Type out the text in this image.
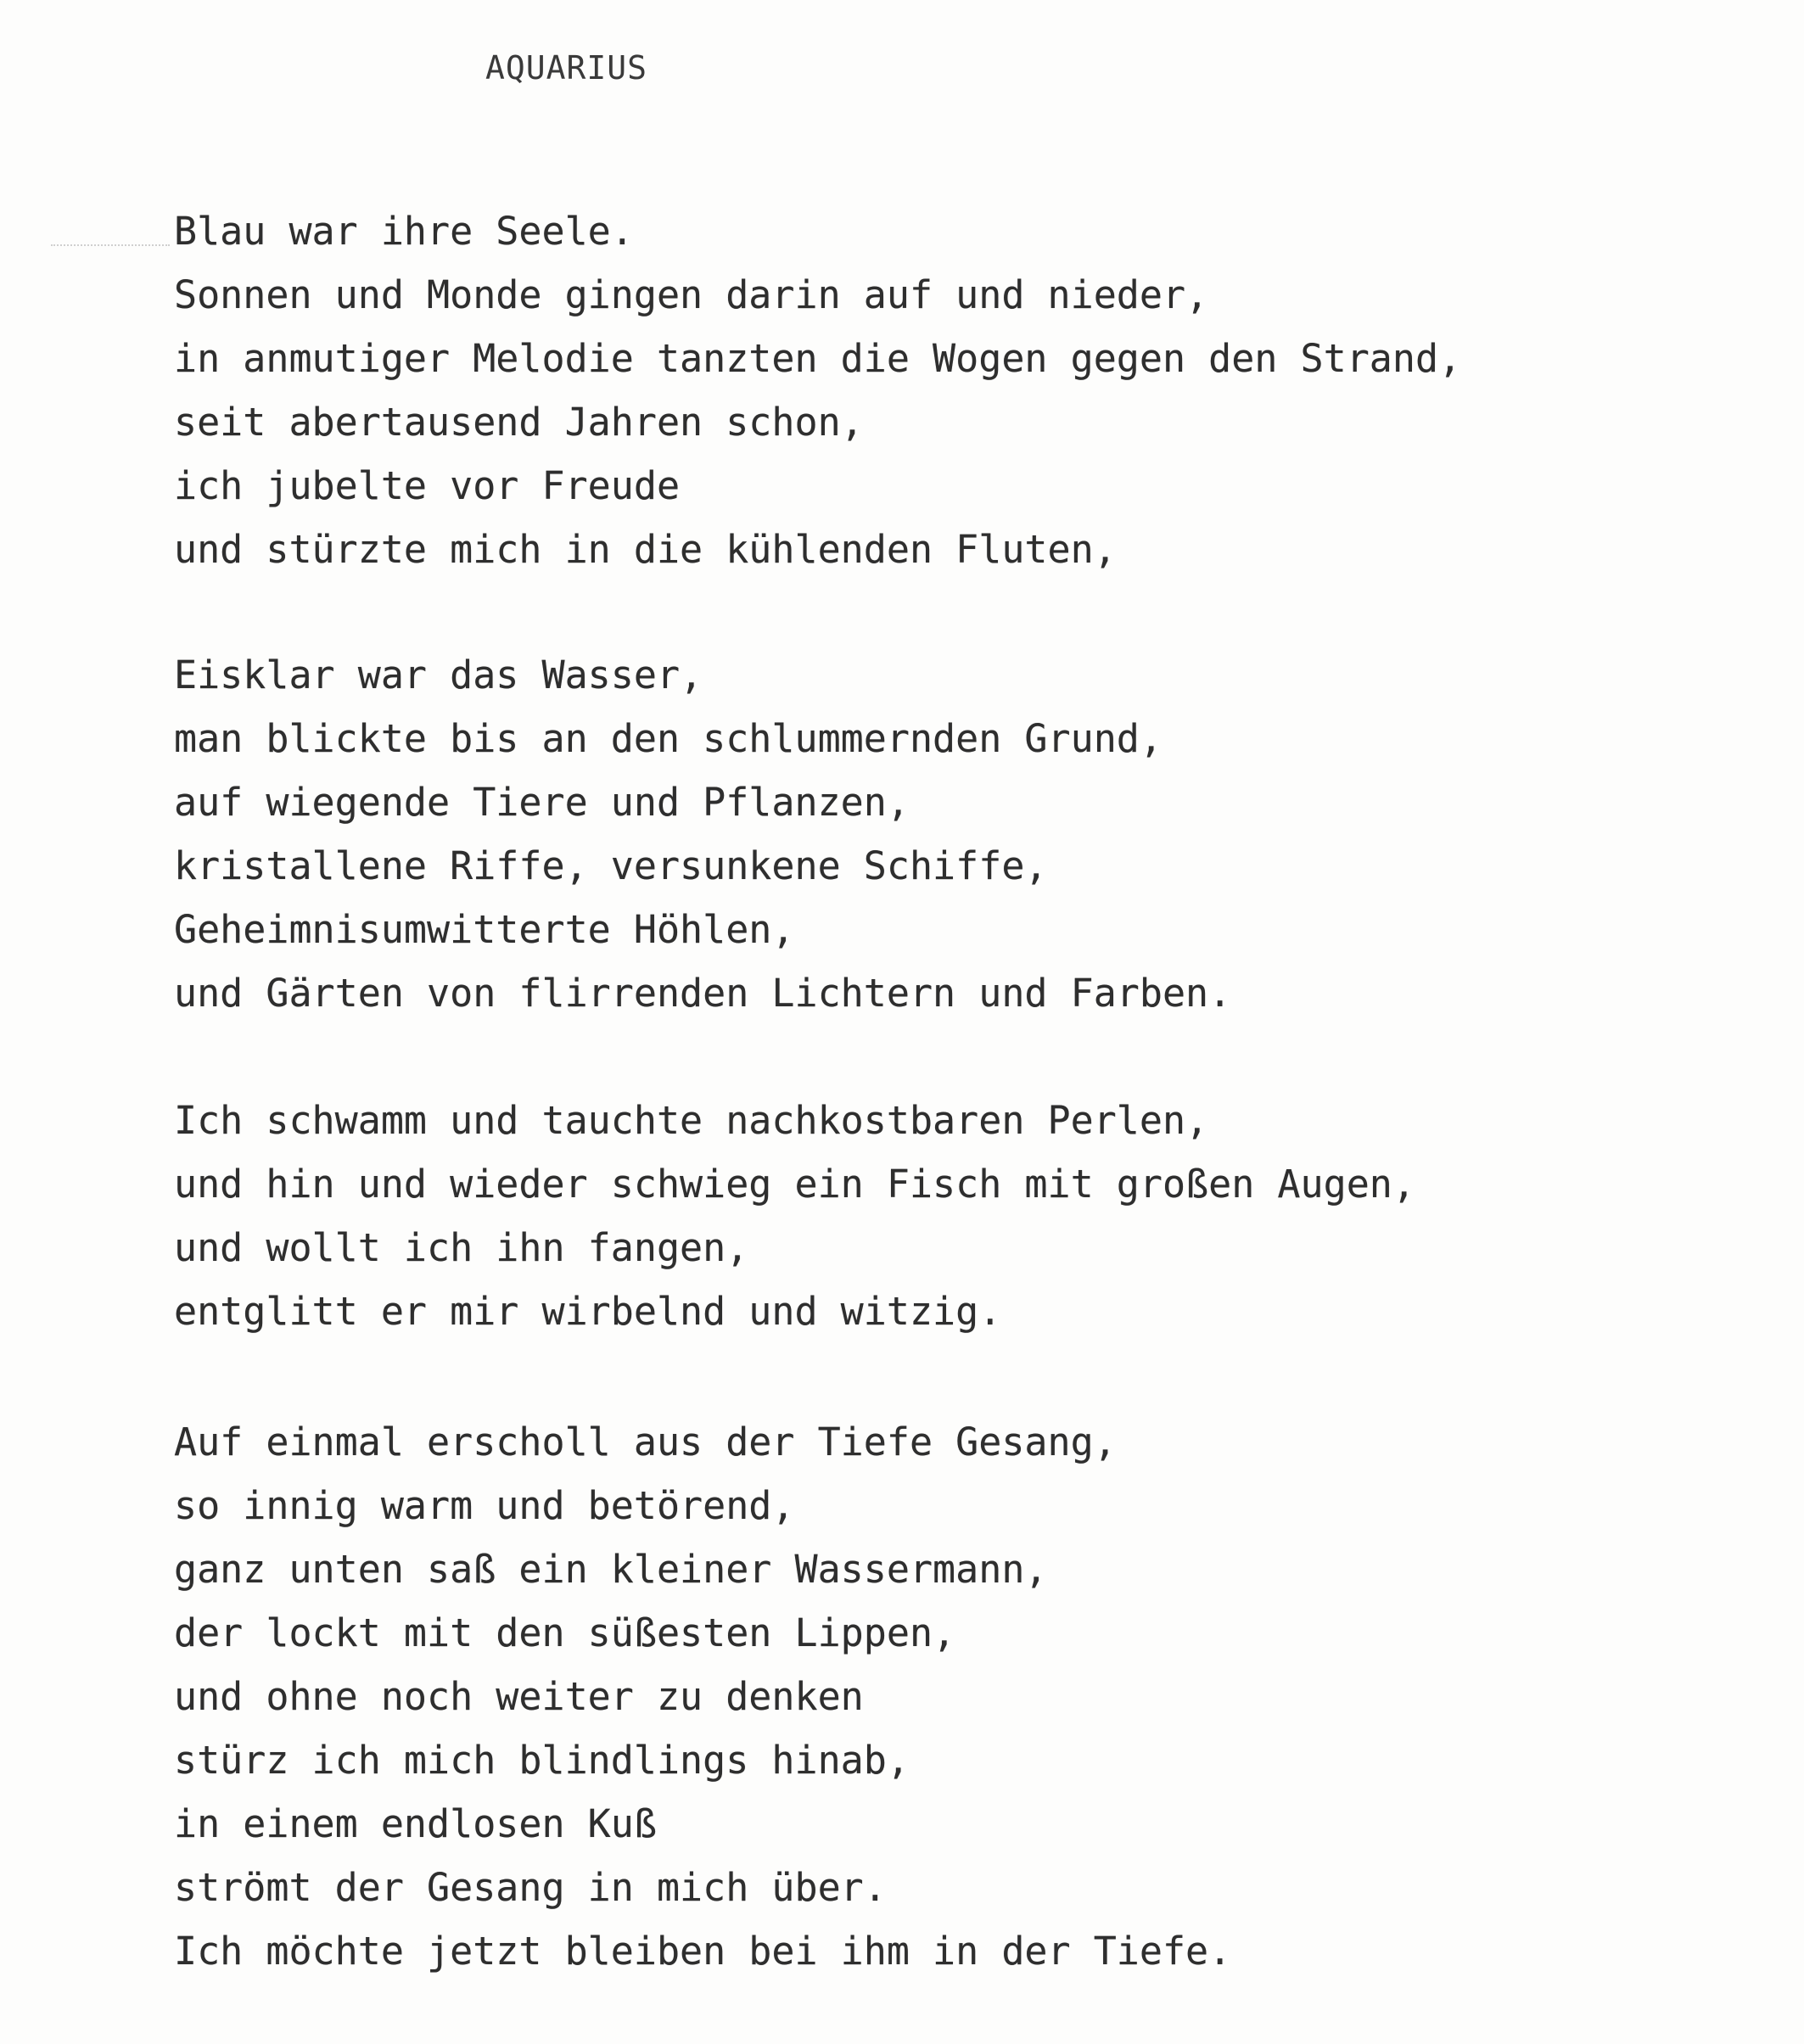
AQUARIUS
Blau war ihre Seele.
Sonnen und Monde gingen darin auf und nieder,
in anmutiger Melodie tanzten die Wogen gegen den Strand,
seit abertausend Jahren schon,
ich jubelte vor Freude
und stürzte mich in die kühlenden Fluten,
Eisklar war das Wasser,
man blickte bis an den schlummernden Grund,
auf wiegende Tiere und Pflanzen,
kristallene Riffe, versunkene Schiffe,
Geheimnisumwitterte Höhlen,
und Gärten von flirrenden Lichtern und Farben.
Ich schwamm und tauchte nachkostbaren Perlen,
und hin und wieder schwieg ein Fisch mit großen Augen,
und wollt ich ihn fangen,
entglitt er mir wirbelnd und witzig.
Auf einmal erscholl aus der Tiefe Gesang,
so innig warm und betörend,
ganz unten saß ein kleiner Wassermann,
der lockt mit den süßesten Lippen,
und ohne noch weiter zu denken
stürz ich mich blindlings hinab,
in einem endlosen Kuß
strömt der Gesang in mich über.
Ich möchte jetzt bleiben bei ihm in der Tiefe.
